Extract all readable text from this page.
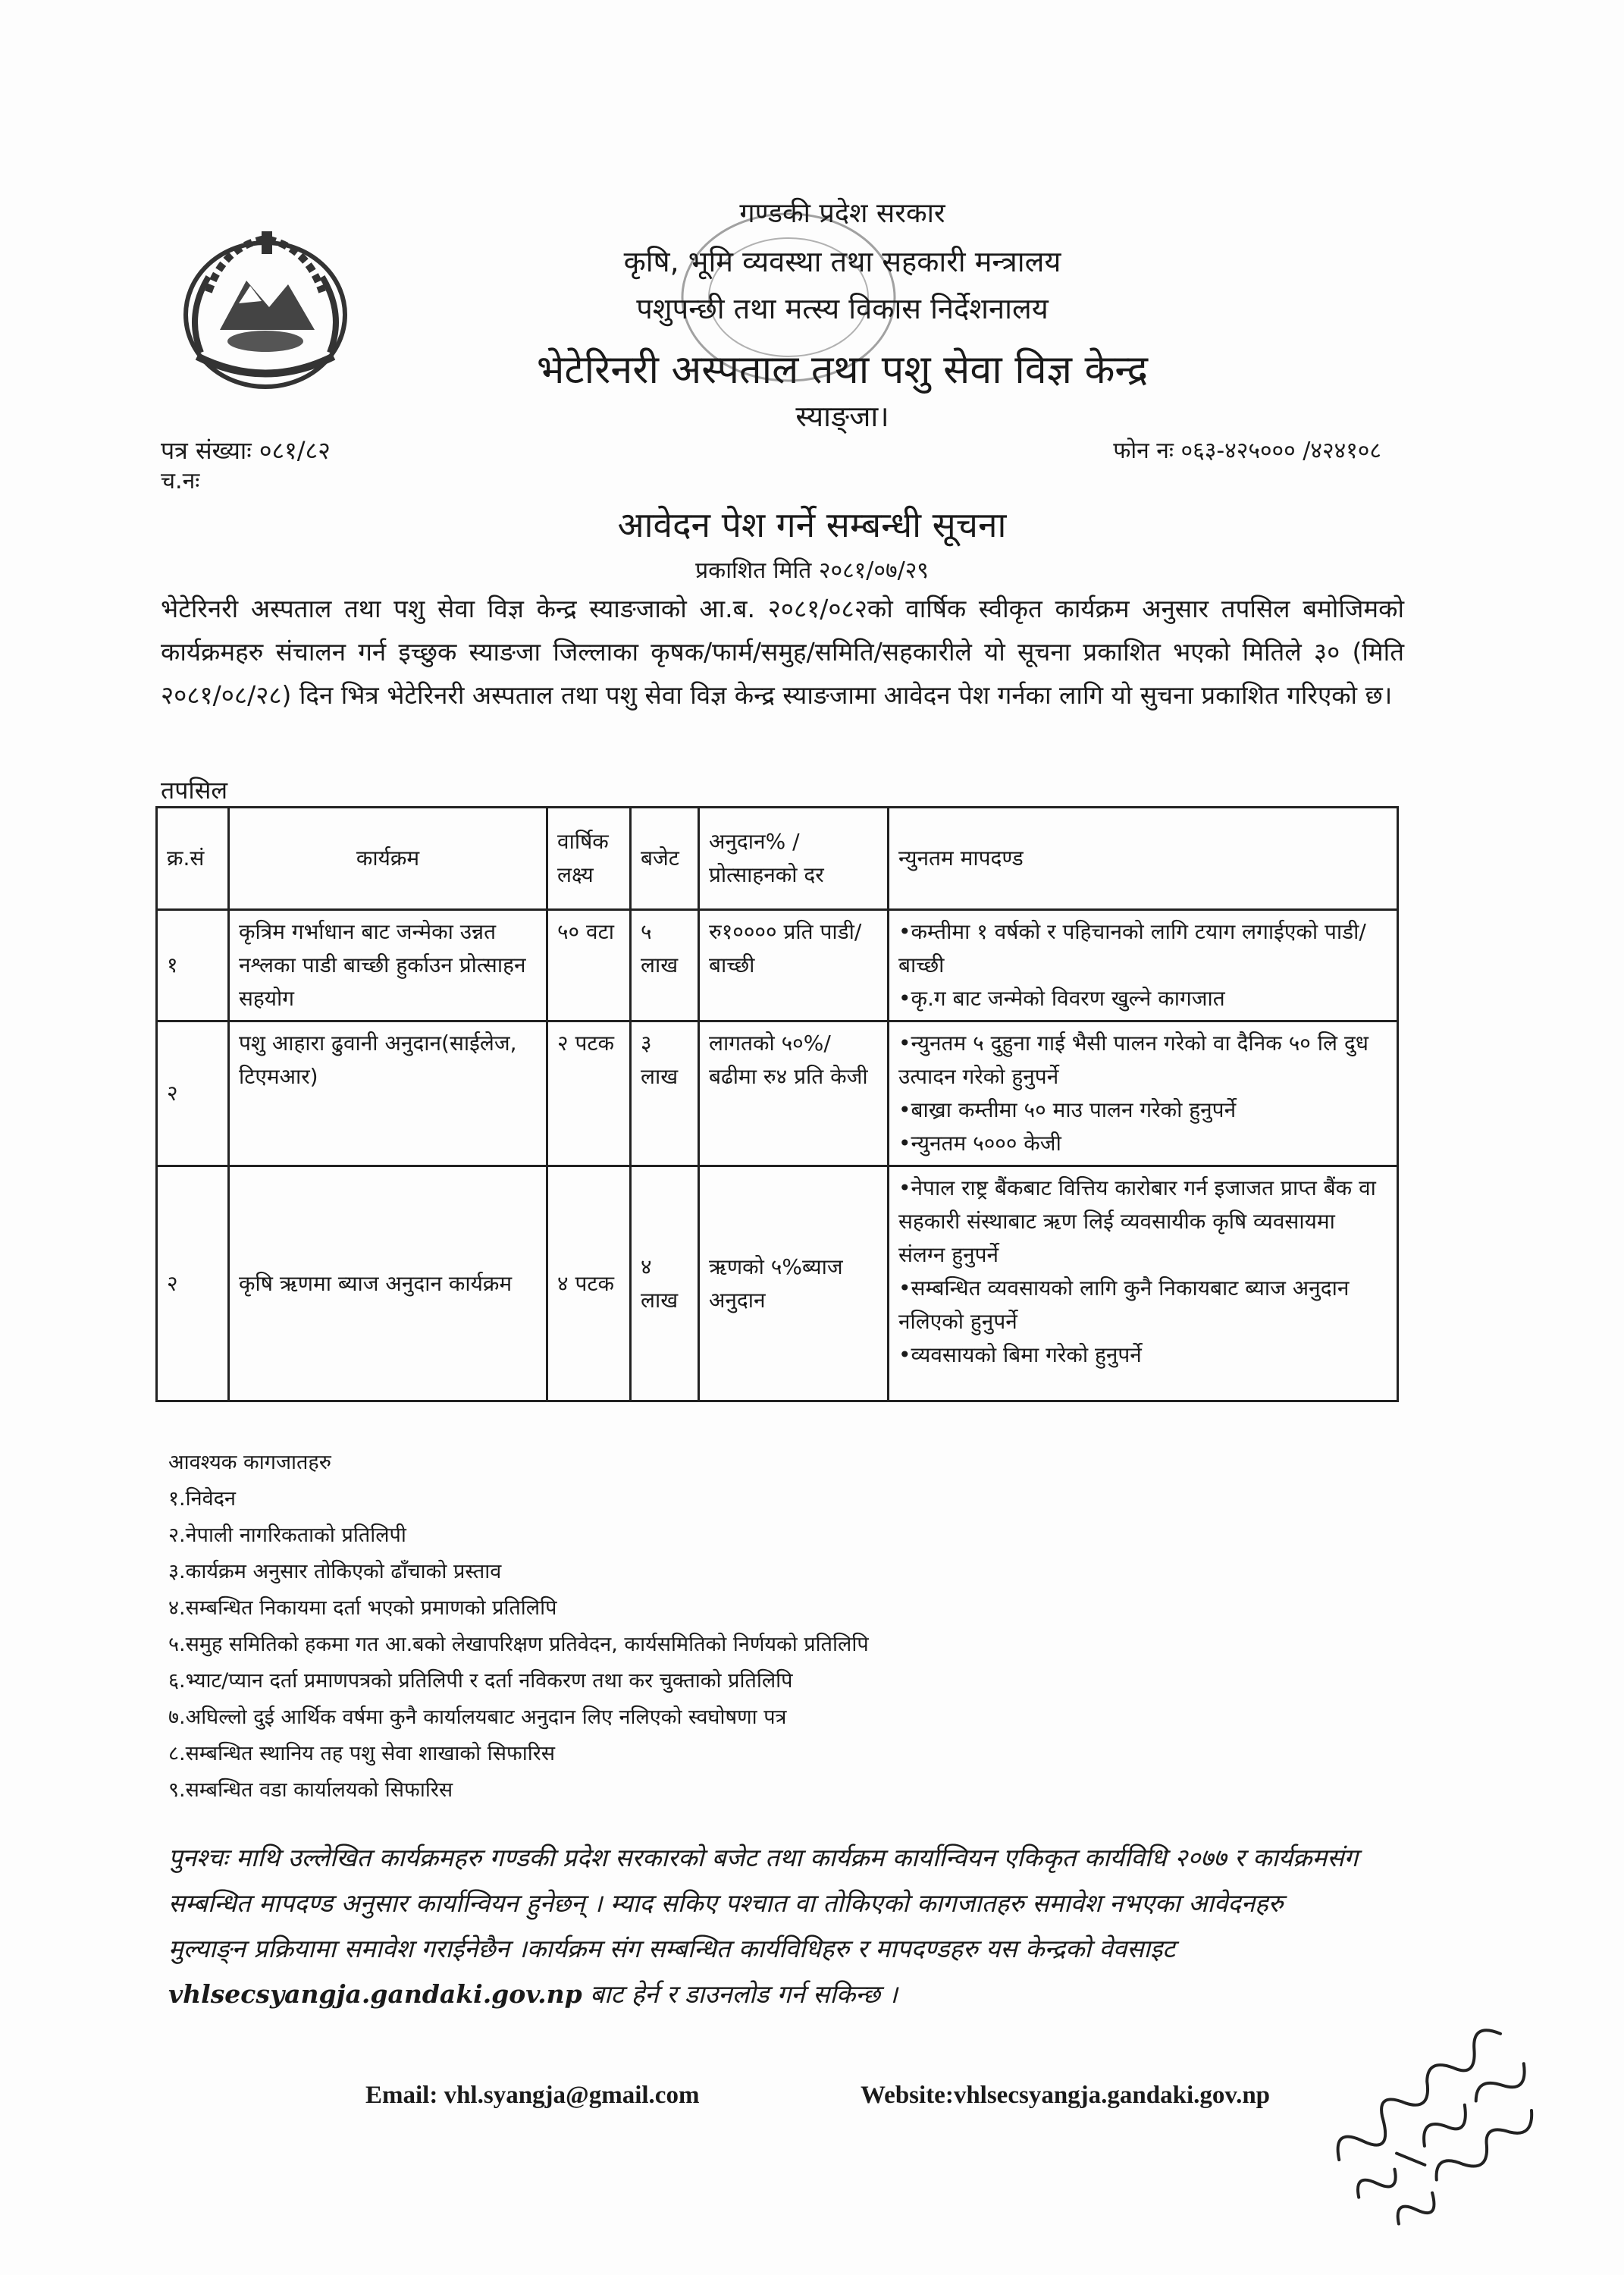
गण्डकी प्रदेश सरकार
कृषि, भूमि व्यवस्था तथा सहकारी मन्त्रालय
पशुपन्छी तथा मत्स्य विकास निर्देशनालय
भेटेरिनरी अस्पताल तथा पशु सेवा विज्ञ केन्द्र
स्याङ्जा।
पत्र संख्याः ०८१/८२
च.नः
फोन नः ०६३-४२५००० /४२४१०८
आवेदन पेश गर्ने सम्बन्धी सूचना
प्रकाशित मिति २०८१/०७/२९
भेटेरिनरी अस्पताल तथा पशु सेवा विज्ञ केन्द्र स्याङजाको आ.ब. २०८१/०८२को वार्षिक स्वीकृत कार्यक्रम अनुसार तपसिल बमोजिमको कार्यक्रमहरु संचालन गर्न इच्छुक स्याङजा जिल्लाका कृषक/फार्म/समुह/समिति/सहकारीले यो सूचना प्रकाशित भएको मितिले ३० (मिति २०८१/०८/२८) दिन भित्र भेटेरिनरी अस्पताल तथा पशु सेवा विज्ञ केन्द्र स्याङजामा आवेदन पेश गर्नका लागि यो सुचना प्रकाशित गरिएको छ।
तपसिल
क्र.सं	कार्यक्रम	वार्षिक लक्ष्य	बजेट	अनुदान% / प्रोत्साहनको दर	न्युनतम मापदण्ड
१	कृत्रिम गर्भाधान बाट जन्मेका उन्नत नश्लका पाडी बाच्छी हुर्काउन प्रोत्साहन सहयोग	५० वटा	५ लाख	रु१०००० प्रति पाडी/बाच्छी	•कम्तीमा १ वर्षको र पहिचानको लागि टयाग लगाईएको पाडी/बाच्छी
•कृ.ग बाट जन्मेको विवरण खुल्ने कागजात

२	पशु आहारा ढुवानी अनुदान(साईलेज, टिएमआर)	२ पटक	३ लाख	लागतको ५०%/बढीमा रु४ प्रति केजी	•न्युनतम ५ दुहुना गाई भैसी पालन गरेको वा दैनिक ५० लि दुध उत्पादन गरेको हुनुपर्ने
•बाख्रा कम्तीमा ५० माउ पालन गरेको हुनुपर्ने
•न्युनतम ५००० केजी

२	कृषि ऋणमा ब्याज अनुदान कार्यक्रम	४ पटक	४ लाख	ऋणको ५%ब्याज अनुदान	•नेपाल राष्ट्र बैंकबाट वित्तिय कारोबार गर्न इजाजत प्राप्त बैंक वा सहकारी संस्थाबाट ऋण लिई व्यवसायीक कृषि व्यवसायमा संलग्न हुनुपर्ने
•सम्बन्धित व्यवसायको लागि कुनै निकायबाट ब्याज अनुदान नलिएको हुनुपर्ने
•व्यवसायको बिमा गरेको हुनुपर्ने
आवश्यक कागजातहरु
१.निवेदन
२.नेपाली नागरिकताको प्रतिलिपी
३.कार्यक्रम अनुसार तोकिएको ढाँचाको प्रस्ताव
४.सम्बन्धित निकायमा दर्ता भएको प्रमाणको प्रतिलिपि
५.समुह समितिको हकमा गत आ.बको लेखापरिक्षण प्रतिवेदन, कार्यसमितिको निर्णयको प्रतिलिपि
६.भ्याट/प्यान दर्ता प्रमाणपत्रको प्रतिलिपी र दर्ता नविकरण तथा कर चुक्ताको प्रतिलिपि
७.अघिल्लो दुई आर्थिक वर्षमा कुनै कार्यालयबाट अनुदान लिए नलिएको स्वघोषणा पत्र
८.सम्बन्धित स्थानिय तह पशु सेवा शाखाको सिफारिस
९.सम्बन्धित वडा कार्यालयको सिफारिस
पुनश्चः माथि उल्लेखित कार्यक्रमहरु गण्डकी प्रदेश सरकारको बजेट तथा कार्यक्रम कार्यान्वियन एकिकृत कार्यविधि २०७७ र कार्यक्रमसंग सम्बन्धित मापदण्ड अनुसार कार्यान्वियन हुनेछन् । म्याद सकिए पश्चात वा तोकिएको कागजातहरु समावेश नभएका आवेदनहरु मुल्याङ्न प्रक्रियामा समावेश गराईनेछैन ।कार्यक्रम संग सम्बन्धित कार्यविधिहरु र मापदण्डहरु यस केन्द्रको वेवसाइट vhlsecsyangja.gandaki.gov.np बाट हेर्न र डाउनलोड गर्न सकिन्छ ।
Email: vhl.syangja@gmail.com	Website:vhlsecsyangja.gandaki.gov.np
